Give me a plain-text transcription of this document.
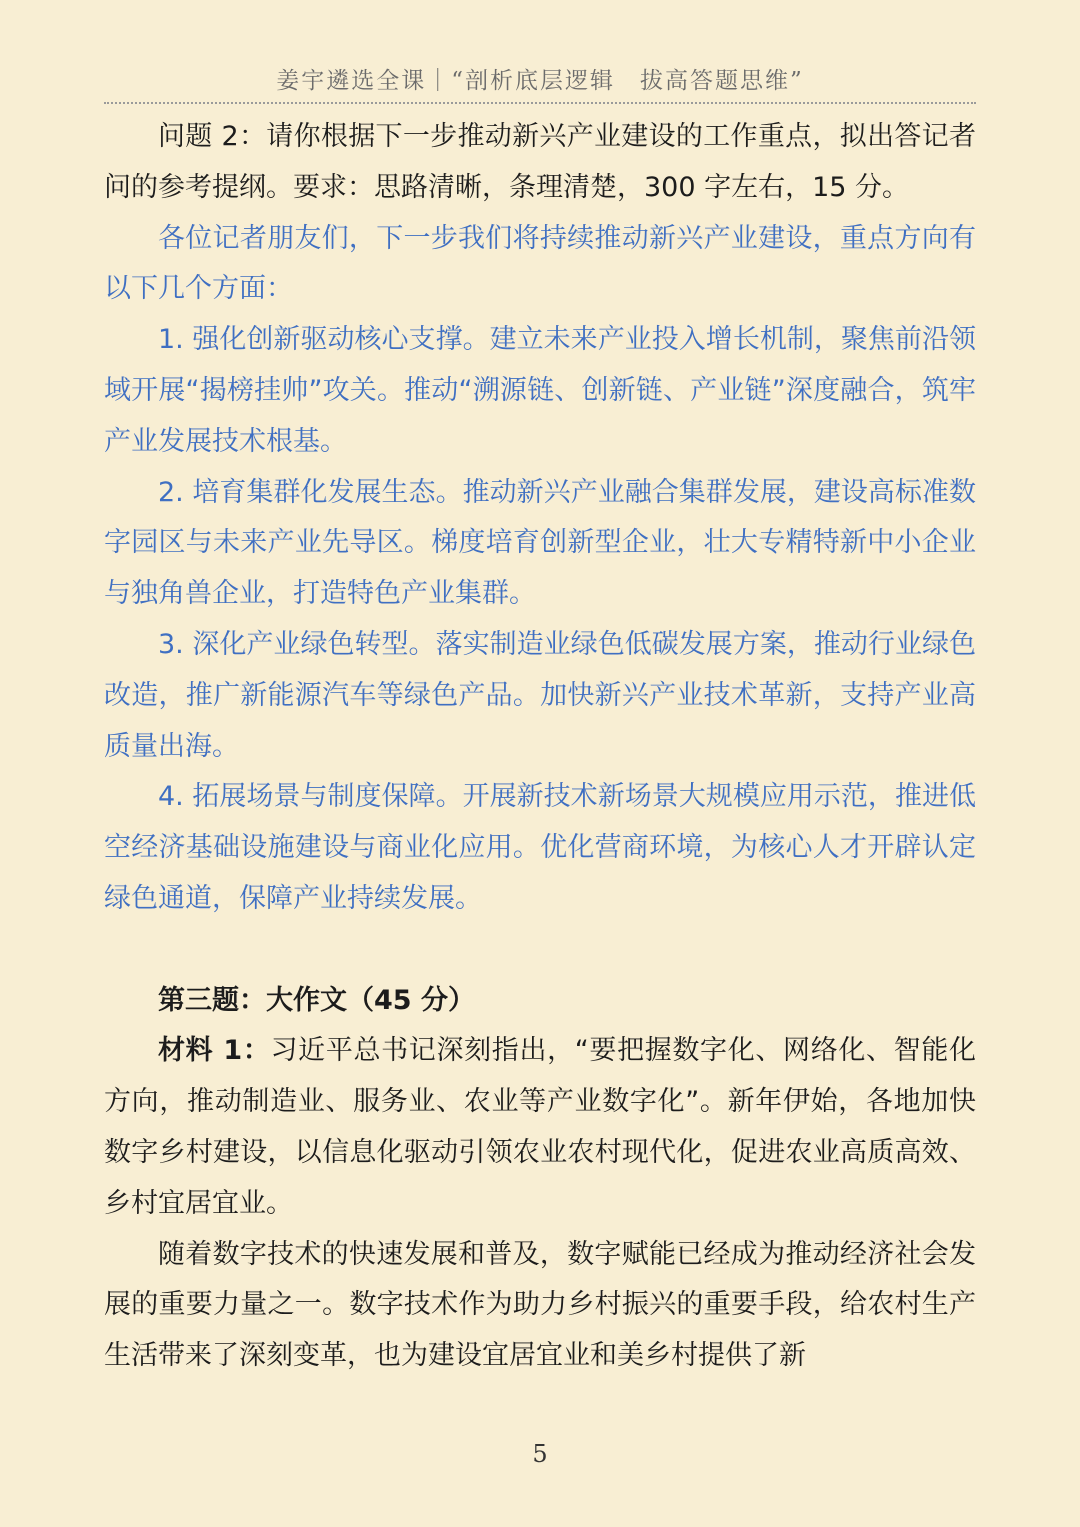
姜宇遴选全课｜“剖析底层逻辑　拔高答题思维”

问题 2：请你根据下一步推动新兴产业建设的工作重点，拟出答记者问的参考提纲。要求：思路清晰，条理清楚，300 字左右，15 分。

各位记者朋友们，下一步我们将持续推动新兴产业建设，重点方向有以下几个方面：

1. 强化创新驱动核心支撑。建立未来产业投入增长机制，聚焦前沿领域开展“揭榜挂帅”攻关。推动“溯源链、创新链、产业链”深度融合，筑牢产业发展技术根基。

2. 培育集群化发展生态。推动新兴产业融合集群发展，建设高标准数字园区与未来产业先导区。梯度培育创新型企业，壮大专精特新中小企业与独角兽企业，打造特色产业集群。

3. 深化产业绿色转型。落实制造业绿色低碳发展方案，推动行业绿色改造，推广新能源汽车等绿色产品。加快新兴产业技术革新，支持产业高质量出海。

4. 拓展场景与制度保障。开展新技术新场景大规模应用示范，推进低空经济基础设施建设与商业化应用。优化营商环境，为核心人才开辟认定绿色通道，保障产业持续发展。

第三题：大作文（45 分）

材料 1：习近平总书记深刻指出，“要把握数字化、网络化、智能化方向，推动制造业、服务业、农业等产业数字化”。新年伊始，各地加快数字乡村建设，以信息化驱动引领农业农村现代化，促进农业高质高效、乡村宜居宜业。

随着数字技术的快速发展和普及，数字赋能已经成为推动经济社会发展的重要力量之一。数字技术作为助力乡村振兴的重要手段，给农村生产生活带来了深刻变革，也为建设宜居宜业和美乡村提供了新

5
